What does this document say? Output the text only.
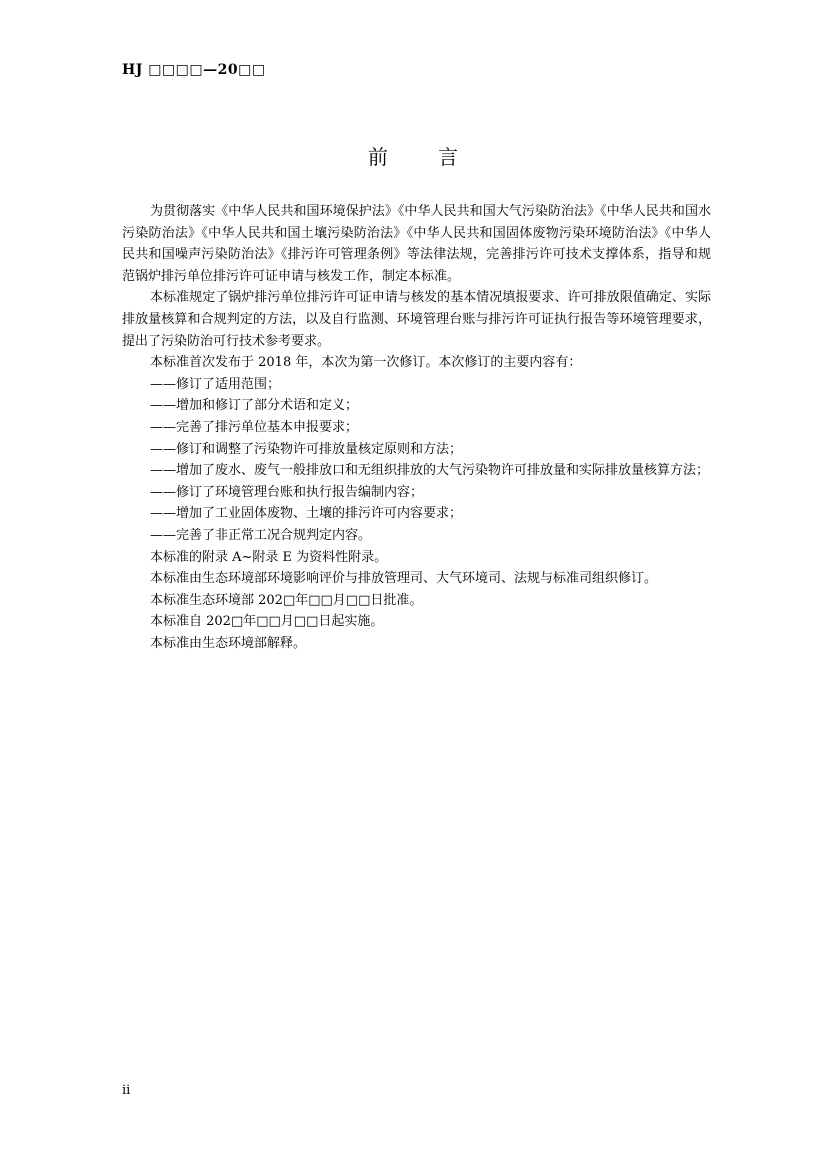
HJ □□□□—20□□
前 言

为贯彻落实《中华人民共和国环境保护法》《中华人民共和国大气污染防治法》《中华人民共和国水污染防治法》《中华人民共和国土壤污染防治法》《中华人民共和国固体废物污染环境防治法》《中华人民共和国噪声污染防治法》《排污许可管理条例》等法律法规，完善排污许可技术支撑体系，指导和规范锅炉排污单位排污许可证申请与核发工作，制定本标准。

本标准规定了锅炉排污单位排污许可证申请与核发的基本情况填报要求、许可排放限值确定、实际排放量核算和合规判定的方法，以及自行监测、环境管理台账与排污许可证执行报告等环境管理要求，提出了污染防治可行技术参考要求。

本标准首次发布于 2018 年，本次为第一次修订。本次修订的主要内容有：

——修订了适用范围；

——增加和修订了部分术语和定义；

——完善了排污单位基本申报要求；

——修订和调整了污染物许可排放量核定原则和方法；

——增加了废水、废气一般排放口和无组织排放的大气污染物许可排放量和实际排放量核算方法；

——修订了环境管理台账和执行报告编制内容；

——增加了工业固体废物、土壤的排污许可内容要求；

——完善了非正常工况合规判定内容。

本标准的附录 A~附录 E 为资料性附录。

本标准由生态环境部环境影响评价与排放管理司、大气环境司、法规与标准司组织修订。

本标准生态环境部 202□年□□月□□日批准。

本标准自 202□年□□月□□日起实施。

本标准由生态环境部解释。

ii
